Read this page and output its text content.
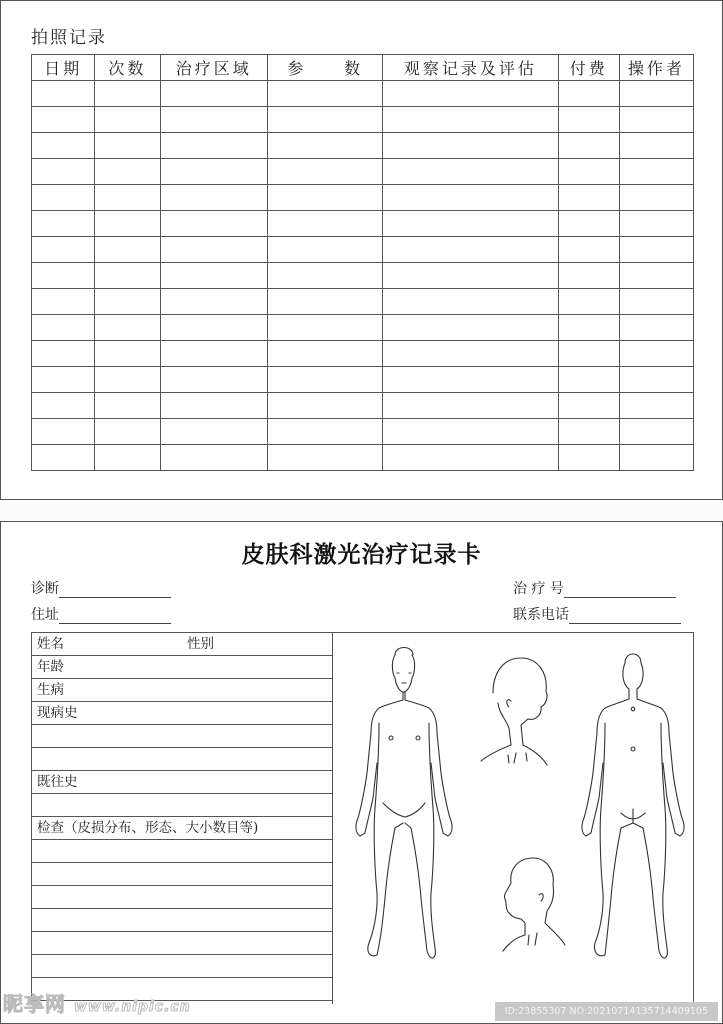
拍照记录
日期	次数	治疗区域	参　　数	观察记录及评估	付费	操作者

皮肤科激光治疗记录卡
诊断
住址
治 疗 号
联系电话
姓名	性别
年龄
生病
现病史
既往史
检查（皮损分布、形态、大小数目等)
昵享网 www.nipic.cn	ID:23855307 NO:20210714135714409105
